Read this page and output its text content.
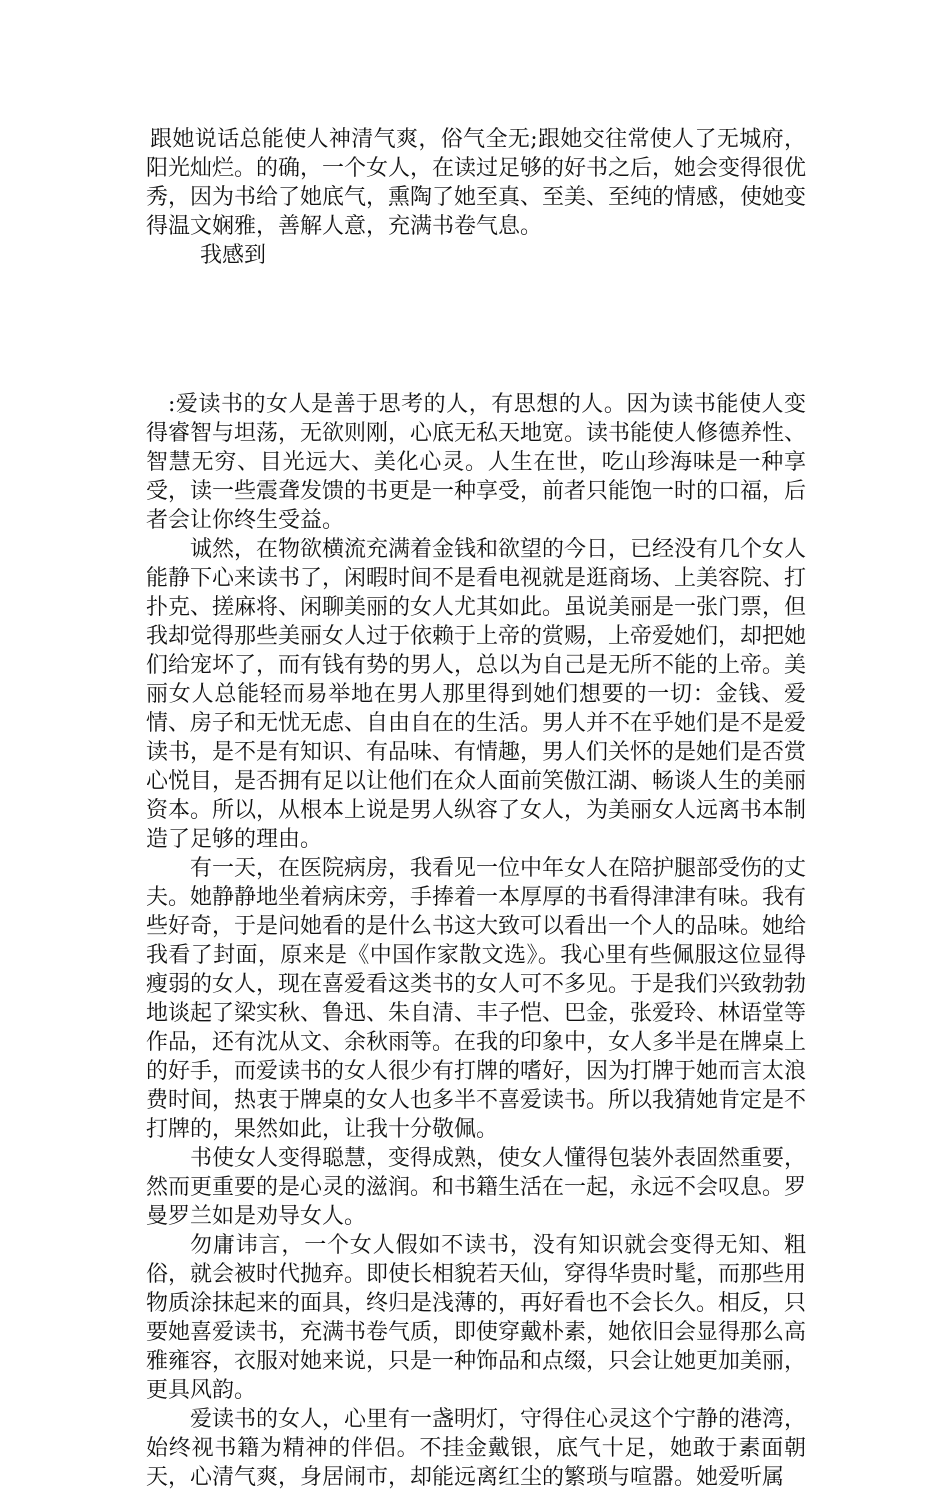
跟她说话总能使人神清气爽，俗气全无;跟她交往常使人了无城府，阳光灿烂。的确，一个女人，在读过足够的好书之后，她会变得很优秀，因为书给了她底气，熏陶了她至真、至美、至纯的情感，使她变得温文娴雅，善解人意，充满书卷气息。

我感到

:爱读书的女人是善于思考的人，有思想的人。因为读书能使人变得睿智与坦荡，无欲则刚，心底无私天地宽。读书能使人修德养性、智慧无穷、目光远大、美化心灵。人生在世，吃山珍海味是一种享受，读一些震聋发馈的书更是一种享受，前者只能饱一时的口福，后者会让你终生受益。

诚然，在物欲横流充满着金钱和欲望的今日，已经没有几个女人能静下心来读书了，闲暇时间不是看电视就是逛商场、上美容院、打扑克、搓麻将、闲聊美丽的女人尤其如此。虽说美丽是一张门票，但我却觉得那些美丽女人过于依赖于上帝的赏赐，上帝爱她们，却把她们给宠坏了，而有钱有势的男人，总以为自己是无所不能的上帝。美丽女人总能轻而易举地在男人那里得到她们想要的一切：金钱、爱情、房子和无忧无虑、自由自在的生活。男人并不在乎她们是不是爱读书，是不是有知识、有品味、有情趣，男人们关怀的是她们是否赏心悦目，是否拥有足以让他们在众人面前笑傲江湖、畅谈人生的美丽资本。所以，从根本上说是男人纵容了女人，为美丽女人远离书本制造了足够的理由。

有一天，在医院病房，我看见一位中年女人在陪护腿部受伤的丈夫。她静静地坐着病床旁，手捧着一本厚厚的书看得津津有味。我有些好奇，于是问她看的是什么书这大致可以看出一个人的品味。她给我看了封面，原来是《中国作家散文选》。我心里有些佩服这位显得瘦弱的女人，现在喜爱看这类书的女人可不多见。于是我们兴致勃勃地谈起了梁实秋、鲁迅、朱自清、丰子恺、巴金，张爱玲、林语堂等作品，还有沈从文、余秋雨等。在我的印象中，女人多半是在牌桌上的好手，而爱读书的女人很少有打牌的嗜好，因为打牌于她而言太浪费时间，热衷于牌桌的女人也多半不喜爱读书。所以我猜她肯定是不打牌的，果然如此，让我十分敬佩。

书使女人变得聪慧，变得成熟，使女人懂得包装外表固然重要，然而更重要的是心灵的滋润。和书籍生活在一起，永远不会叹息。罗曼罗兰如是劝导女人。

勿庸讳言，一个女人假如不读书，没有知识就会变得无知、粗俗，就会被时代抛弃。即使长相貌若天仙，穿得华贵时髦，而那些用物质涂抹起来的面具，终归是浅薄的，再好看也不会长久。相反，只要她喜爱读书，充满书卷气质，即使穿戴朴素，她依旧会显得那么高雅雍容，衣服对她来说，只是一种饰品和点缀，只会让她更加美丽，更具风韵。

爱读书的女人，心里有一盏明灯，守得住心灵这个宁静的港湾，始终视书籍为精神的伴侣。不挂金戴银，底气十足，她敢于素面朝天，心清气爽，身居闹市，却能远离红尘的繁琐与喧嚣。她爱听属
